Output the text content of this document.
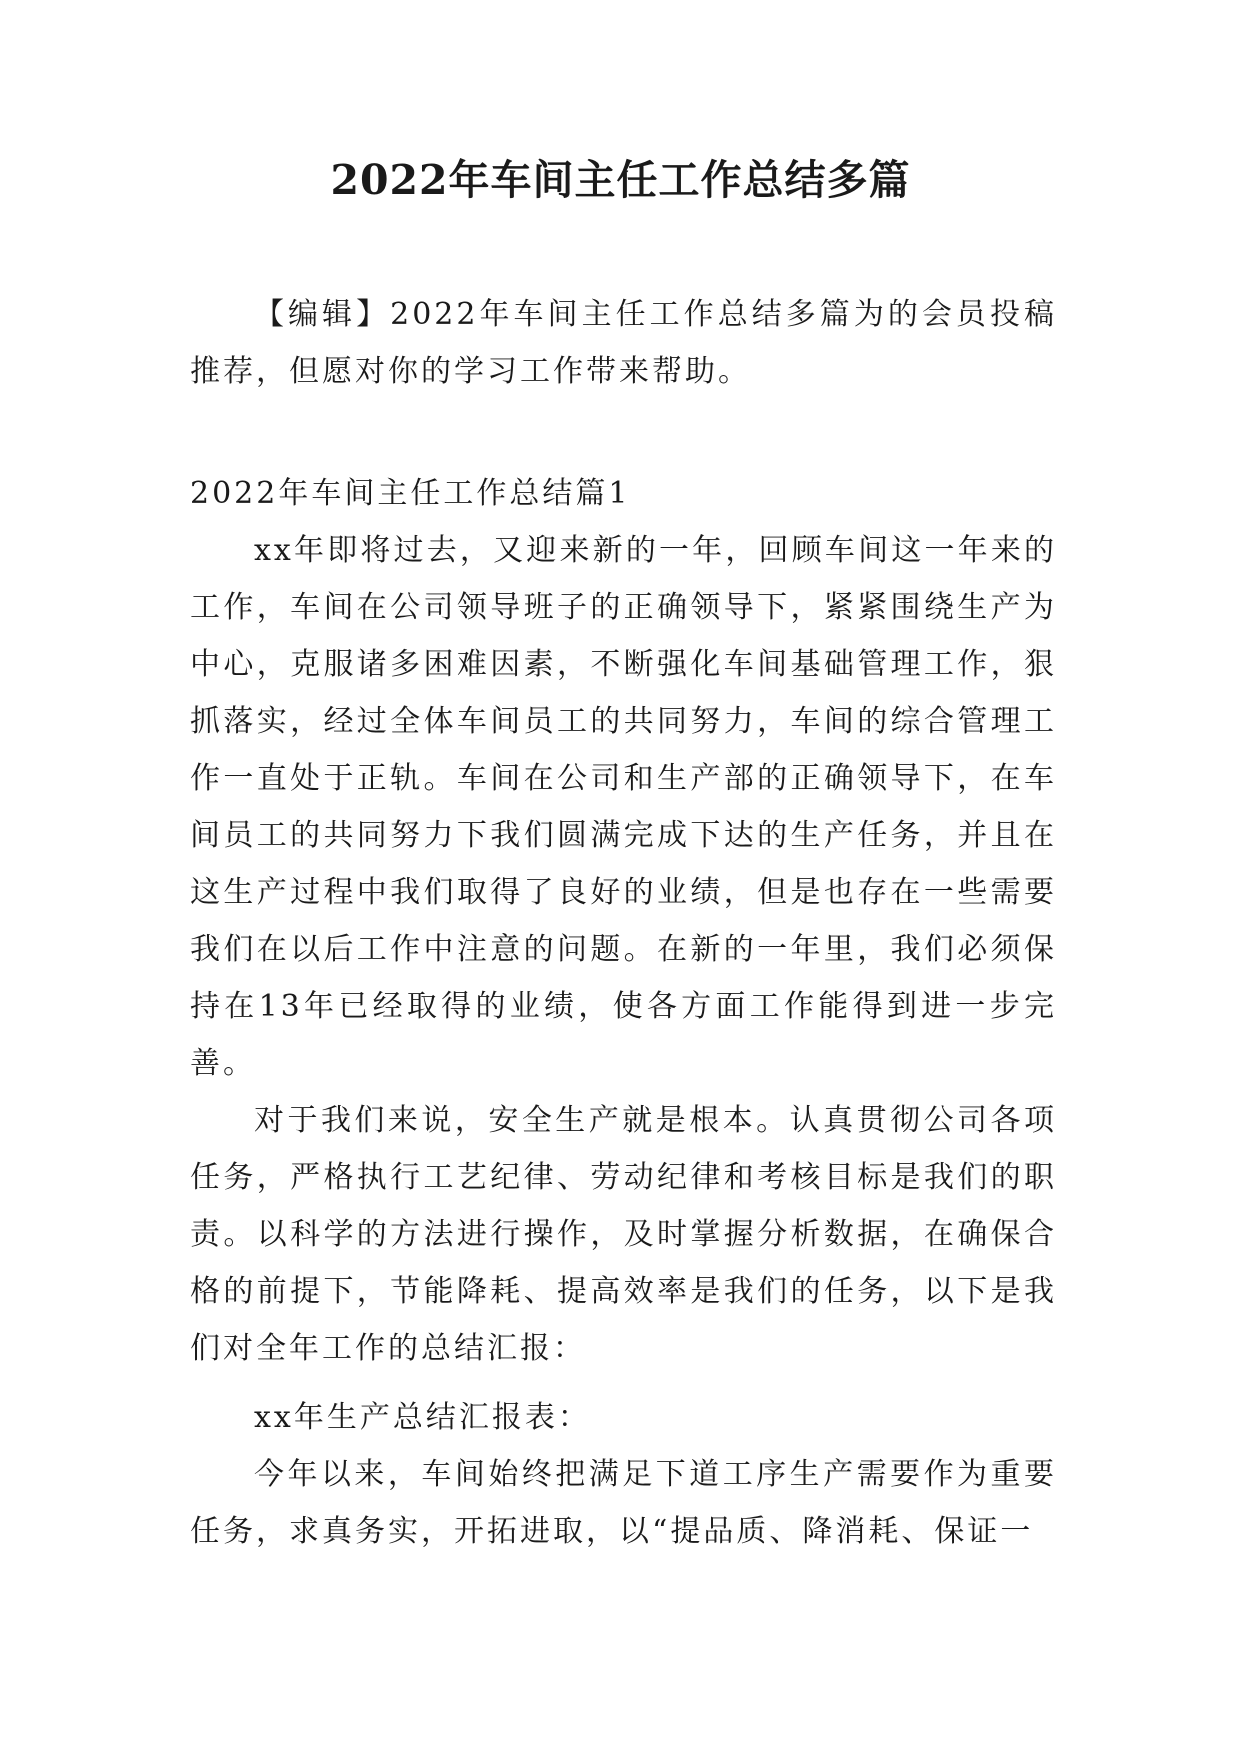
2022年车间主任工作总结多篇

【编辑】2022年车间主任工作总结多篇为的会员投稿推荐，但愿对你的学习工作带来帮助。

2022年车间主任工作总结篇1

xx年即将过去，又迎来新的一年，回顾车间这一年来的工作，车间在公司领导班子的正确领导下，紧紧围绕生产为中心，克服诸多困难因素，不断强化车间基础管理工作，狠抓落实，经过全体车间员工的共同努力，车间的综合管理工作一直处于正轨。车间在公司和生产部的正确领导下，在车间员工的共同努力下我们圆满完成下达的生产任务，并且在这生产过程中我们取得了良好的业绩，但是也存在一些需要我们在以后工作中注意的问题。在新的一年里，我们必须保持在13年已经取得的业绩，使各方面工作能得到进一步完善。

对于我们来说，安全生产就是根本。认真贯彻公司各项任务，严格执行工艺纪律、劳动纪律和考核目标是我们的职责。以科学的方法进行操作，及时掌握分析数据，在确保合格的前提下，节能降耗、提高效率是我们的任务，以下是我们对全年工作的总结汇报：

xx年生产总结汇报表：

今年以来，车间始终把满足下道工序生产需要作为重要任务，求真务实，开拓进取，以“提品质、降消耗、保证一
